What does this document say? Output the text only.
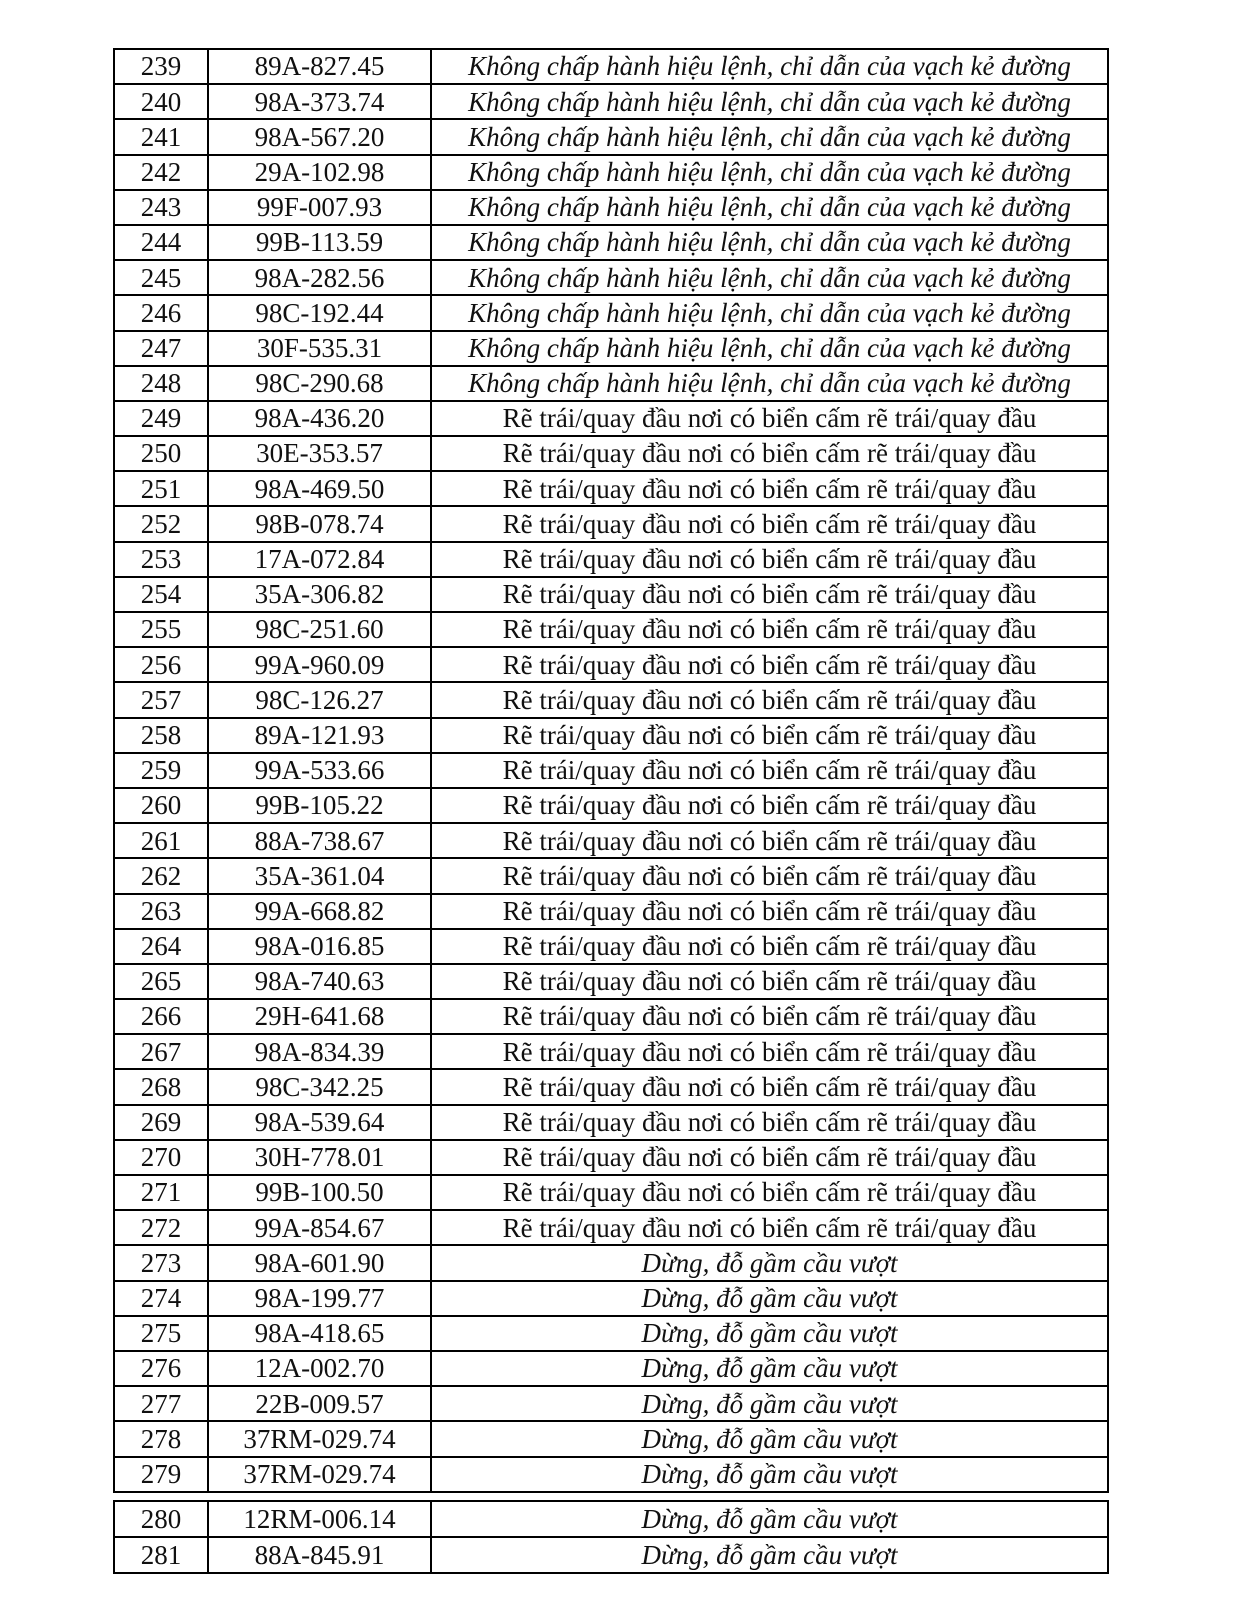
239	89A-827.45	Không chấp hành hiệu lệnh, chỉ dẫn của vạch kẻ đường
240	98A-373.74	Không chấp hành hiệu lệnh, chỉ dẫn của vạch kẻ đường
241	98A-567.20	Không chấp hành hiệu lệnh, chỉ dẫn của vạch kẻ đường
242	29A-102.98	Không chấp hành hiệu lệnh, chỉ dẫn của vạch kẻ đường
243	99F-007.93	Không chấp hành hiệu lệnh, chỉ dẫn của vạch kẻ đường
244	99B-113.59	Không chấp hành hiệu lệnh, chỉ dẫn của vạch kẻ đường
245	98A-282.56	Không chấp hành hiệu lệnh, chỉ dẫn của vạch kẻ đường
246	98C-192.44	Không chấp hành hiệu lệnh, chỉ dẫn của vạch kẻ đường
247	30F-535.31	Không chấp hành hiệu lệnh, chỉ dẫn của vạch kẻ đường
248	98C-290.68	Không chấp hành hiệu lệnh, chỉ dẫn của vạch kẻ đường
249	98A-436.20	Rẽ trái/quay đầu nơi có biển cấm rẽ trái/quay đầu
250	30E-353.57	Rẽ trái/quay đầu nơi có biển cấm rẽ trái/quay đầu
251	98A-469.50	Rẽ trái/quay đầu nơi có biển cấm rẽ trái/quay đầu
252	98B-078.74	Rẽ trái/quay đầu nơi có biển cấm rẽ trái/quay đầu
253	17A-072.84	Rẽ trái/quay đầu nơi có biển cấm rẽ trái/quay đầu
254	35A-306.82	Rẽ trái/quay đầu nơi có biển cấm rẽ trái/quay đầu
255	98C-251.60	Rẽ trái/quay đầu nơi có biển cấm rẽ trái/quay đầu
256	99A-960.09	Rẽ trái/quay đầu nơi có biển cấm rẽ trái/quay đầu
257	98C-126.27	Rẽ trái/quay đầu nơi có biển cấm rẽ trái/quay đầu
258	89A-121.93	Rẽ trái/quay đầu nơi có biển cấm rẽ trái/quay đầu
259	99A-533.66	Rẽ trái/quay đầu nơi có biển cấm rẽ trái/quay đầu
260	99B-105.22	Rẽ trái/quay đầu nơi có biển cấm rẽ trái/quay đầu
261	88A-738.67	Rẽ trái/quay đầu nơi có biển cấm rẽ trái/quay đầu
262	35A-361.04	Rẽ trái/quay đầu nơi có biển cấm rẽ trái/quay đầu
263	99A-668.82	Rẽ trái/quay đầu nơi có biển cấm rẽ trái/quay đầu
264	98A-016.85	Rẽ trái/quay đầu nơi có biển cấm rẽ trái/quay đầu
265	98A-740.63	Rẽ trái/quay đầu nơi có biển cấm rẽ trái/quay đầu
266	29H-641.68	Rẽ trái/quay đầu nơi có biển cấm rẽ trái/quay đầu
267	98A-834.39	Rẽ trái/quay đầu nơi có biển cấm rẽ trái/quay đầu
268	98C-342.25	Rẽ trái/quay đầu nơi có biển cấm rẽ trái/quay đầu
269	98A-539.64	Rẽ trái/quay đầu nơi có biển cấm rẽ trái/quay đầu
270	30H-778.01	Rẽ trái/quay đầu nơi có biển cấm rẽ trái/quay đầu
271	99B-100.50	Rẽ trái/quay đầu nơi có biển cấm rẽ trái/quay đầu
272	99A-854.67	Rẽ trái/quay đầu nơi có biển cấm rẽ trái/quay đầu
273	98A-601.90	Dừng, đỗ gầm cầu vượt
274	98A-199.77	Dừng, đỗ gầm cầu vượt
275	98A-418.65	Dừng, đỗ gầm cầu vượt
276	12A-002.70	Dừng, đỗ gầm cầu vượt
277	22B-009.57	Dừng, đỗ gầm cầu vượt
278	37RM-029.74	Dừng, đỗ gầm cầu vượt
279	37RM-029.74	Dừng, đỗ gầm cầu vượt
280	12RM-006.14	Dừng, đỗ gầm cầu vượt
281	88A-845.91	Dừng, đỗ gầm cầu vượt
